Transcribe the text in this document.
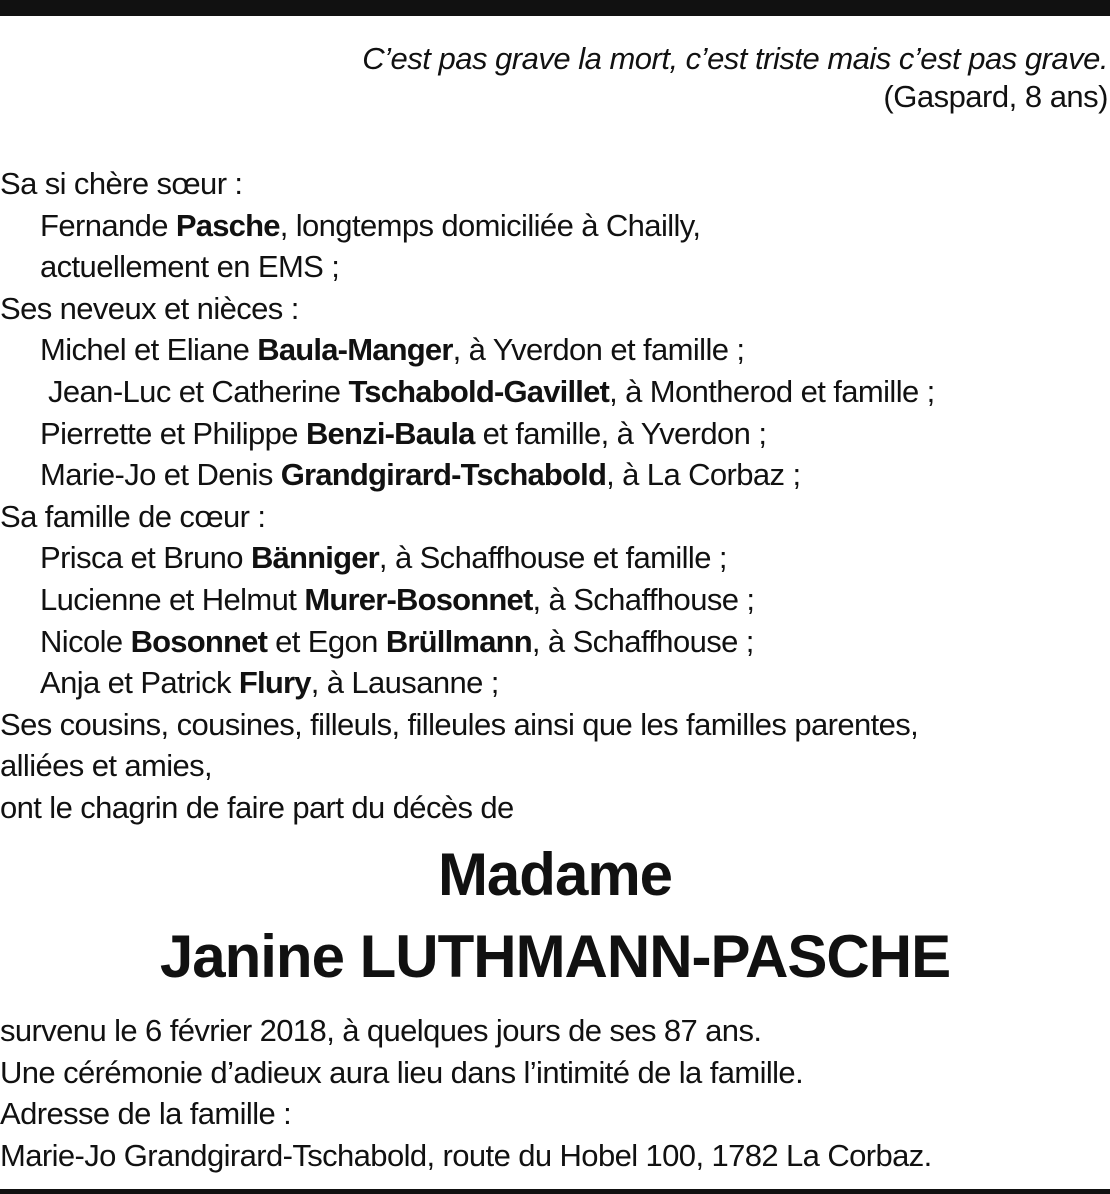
C’est pas grave la mort, c’est triste mais c’est pas grave.
(Gaspard, 8 ans)
Sa si chère sœur :
Fernande Pasche, longtemps domiciliée à Chailly,
actuellement en EMS ;
Ses neveux et nièces :
Michel et Eliane Baula-Manger, à Yverdon et famille ;
Jean-Luc et Catherine Tschabold-Gavillet, à Montherod et famille ;
Pierrette et Philippe Benzi-Baula et famille, à Yverdon ;
Marie-Jo et Denis Grandgirard-Tschabold, à La Corbaz ;
Sa famille de cœur :
Prisca et Bruno Bänniger, à Schaffhouse et famille ;
Lucienne et Helmut Murer-Bosonnet, à Schaffhouse ;
Nicole Bosonnet et Egon Brüllmann, à Schaffhouse ;
Anja et Patrick Flury, à Lausanne ;
Ses cousins, cousines, filleuls, filleules ainsi que les familles parentes,
alliées et amies,
ont le chagrin de faire part du décès de
Madame
Janine LUTHMANN-PASCHE
survenu le 6 février 2018, à quelques jours de ses 87 ans.
Une cérémonie d’adieux aura lieu dans l’intimité de la famille.
Adresse de la famille :
Marie-Jo Grandgirard-Tschabold, route du Hobel 100, 1782 La Corbaz.
